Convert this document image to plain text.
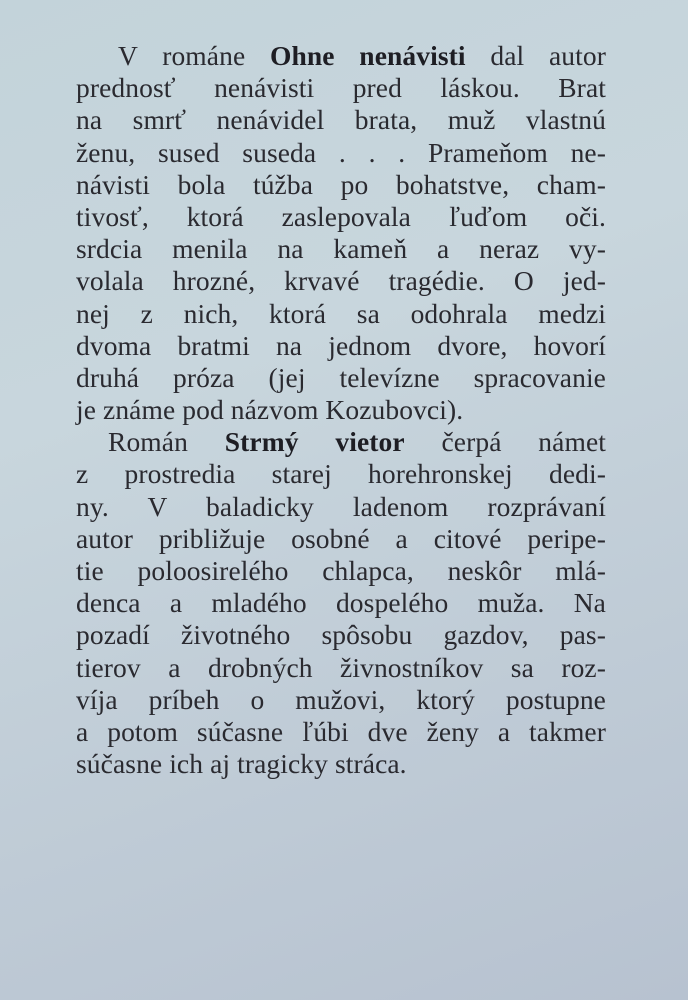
V románe Ohne nenávisti dal autor
prednosť nenávisti pred láskou. Brat
na smrť nenávidel brata, muž vlastnú
ženu, sused suseda . . . Prameňom ne-
návisti bola túžba po bohatstve, cham-
tivosť, ktorá zaslepovala ľuďom oči.
srdcia menila na kameň a neraz vy-
volala hrozné, krvavé tragédie. O jed-
nej z nich, ktorá sa odohrala medzi
dvoma bratmi na jednom dvore, hovorí
druhá próza (jej televízne spracovanie
je známe pod názvom Kozubovci).
Román Strmý vietor čerpá námet
z prostredia starej horehronskej dedi-
ny. V baladicky ladenom rozprávaní
autor približuje osobné a citové peripe-
tie poloosirelého chlapca, neskôr mlá-
denca a mladého dospelého muža. Na
pozadí životného spôsobu gazdov, pas-
tierov a drobných živnostníkov sa roz-
víja príbeh o mužovi, ktorý postupne
a potom súčasne ľúbi dve ženy a takmer
súčasne ich aj tragicky stráca.
